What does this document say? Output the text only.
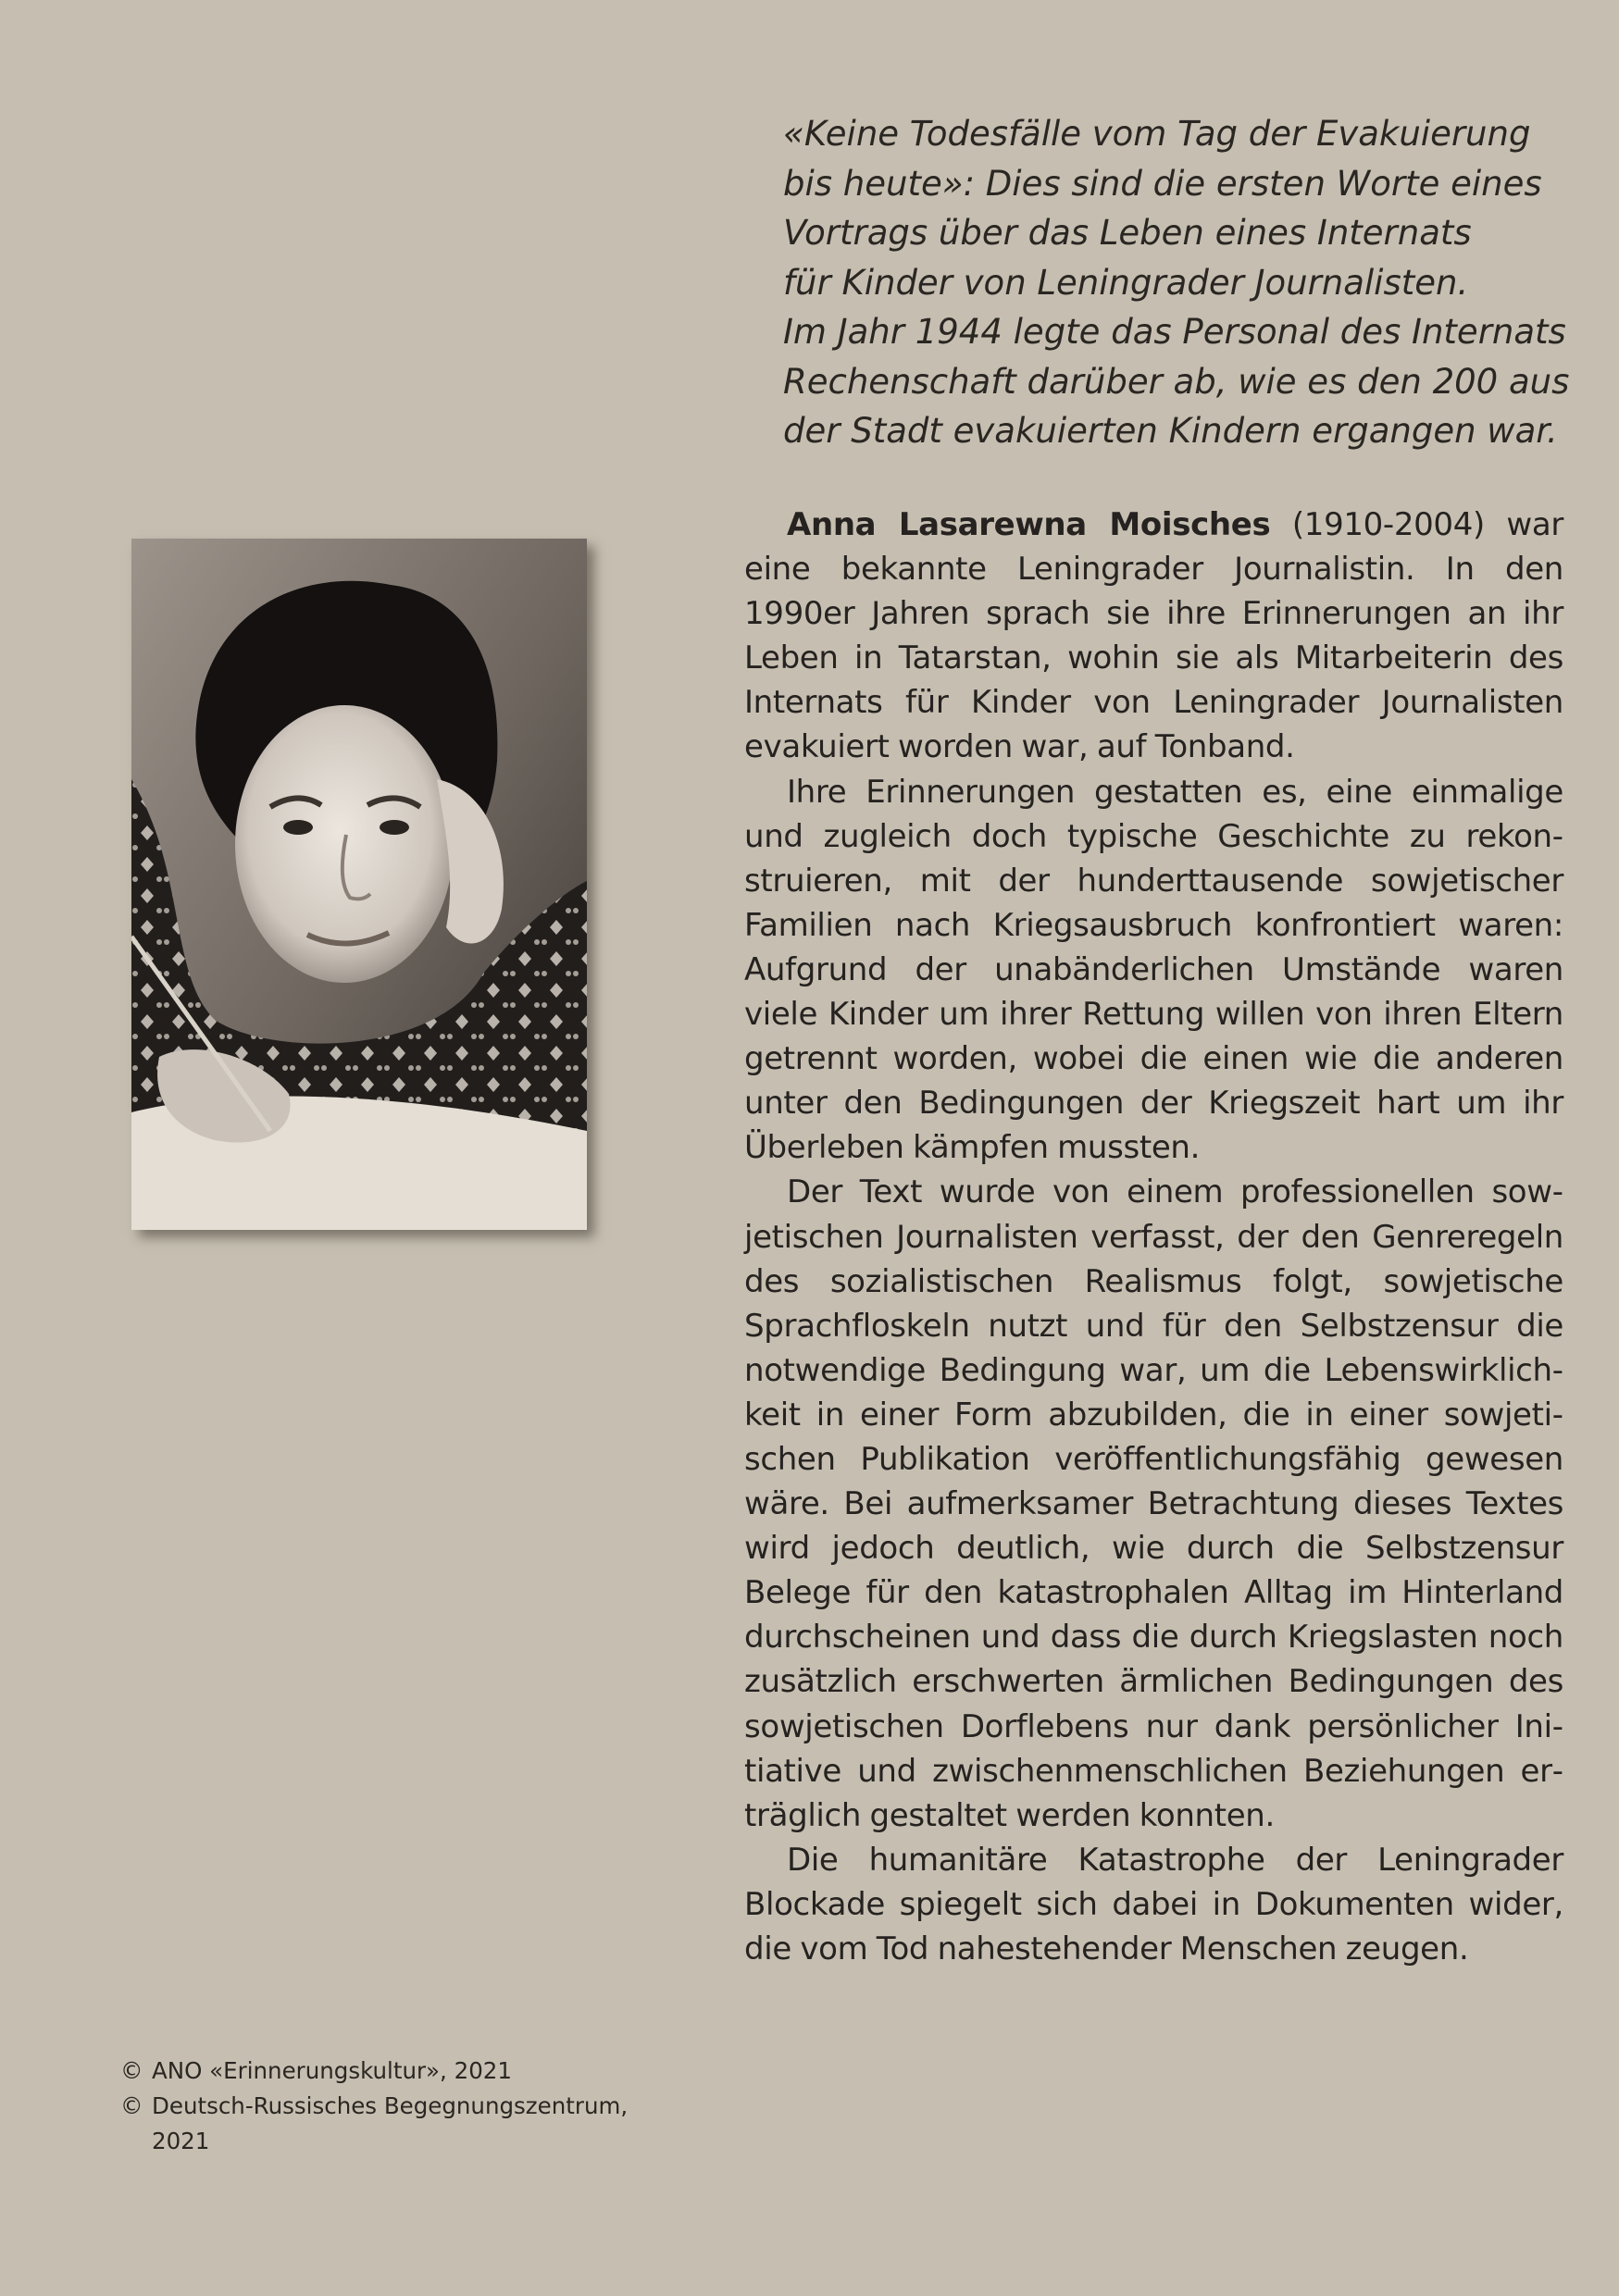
«Keine Todesfälle vom Tag der Evakuierung
bis heute»: Dies sind die ersten Worte eines
Vortrags über das Leben eines Internats
für Kinder von Leningrader Journalisten.
Im Jahr 1944 legte das Personal des Internats
Rechenschaft darüber ab, wie es den 200 aus
der Stadt evakuierten Kindern ergangen war.

Anna Lasarewna Moisches (1910-2004) war eine bekannte Leningrader Journalistin. In den 1990er Jahren sprach sie ihre Erinnerungen an ihr Leben in Tatarstan, wohin sie als Mitarbeiterin des Internats für Kinder von Leningrader Journalisten evakuiert worden war, auf Tonband.

Ihre Erinnerungen gestatten es, eine einmalige und zugleich doch typische Geschichte zu rekonstruieren, mit der hunderttausende sowjetischer Familien nach Kriegsausbruch konfrontiert waren: Aufgrund der unabänderlichen Umstände waren viele Kinder um ihrer Rettung willen von ihren Eltern getrennt worden, wobei die einen wie die anderen unter den Bedingungen der Kriegszeit hart um ihr Überleben kämpfen mussten.

Der Text wurde von einem professionellen sowjetischen Journalisten verfasst, der den Genreregeln des sozialistischen Realismus folgt, sowjetische Sprachfloskeln nutzt und für den Selbstzensur die notwendige Bedingung war, um die Lebenswirklichkeit in einer Form abzubilden, die in einer sowjetischen Publikation veröffentlichungsfähig gewesen wäre. Bei aufmerksamer Betrachtung dieses Textes wird jedoch deutlich, wie durch die Selbstzensur Belege für den katastrophalen Alltag im Hinterland durchscheinen und dass die durch Kriegslasten noch zusätzlich erschwerten ärmlichen Bedingungen des sowjetischen Dorflebens nur dank persönlicher Initiative und zwischenmenschlichen Beziehungen erträglich gestaltet werden konnten.

Die humanitäre Katastrophe der Leningrader Blockade spiegelt sich dabei in Dokumenten wider, die vom Tod nahestehender Menschen zeugen.

© ANO «Erinnerungskultur», 2021
© Deutsch-Russisches Begegnungszentrum,
2021
